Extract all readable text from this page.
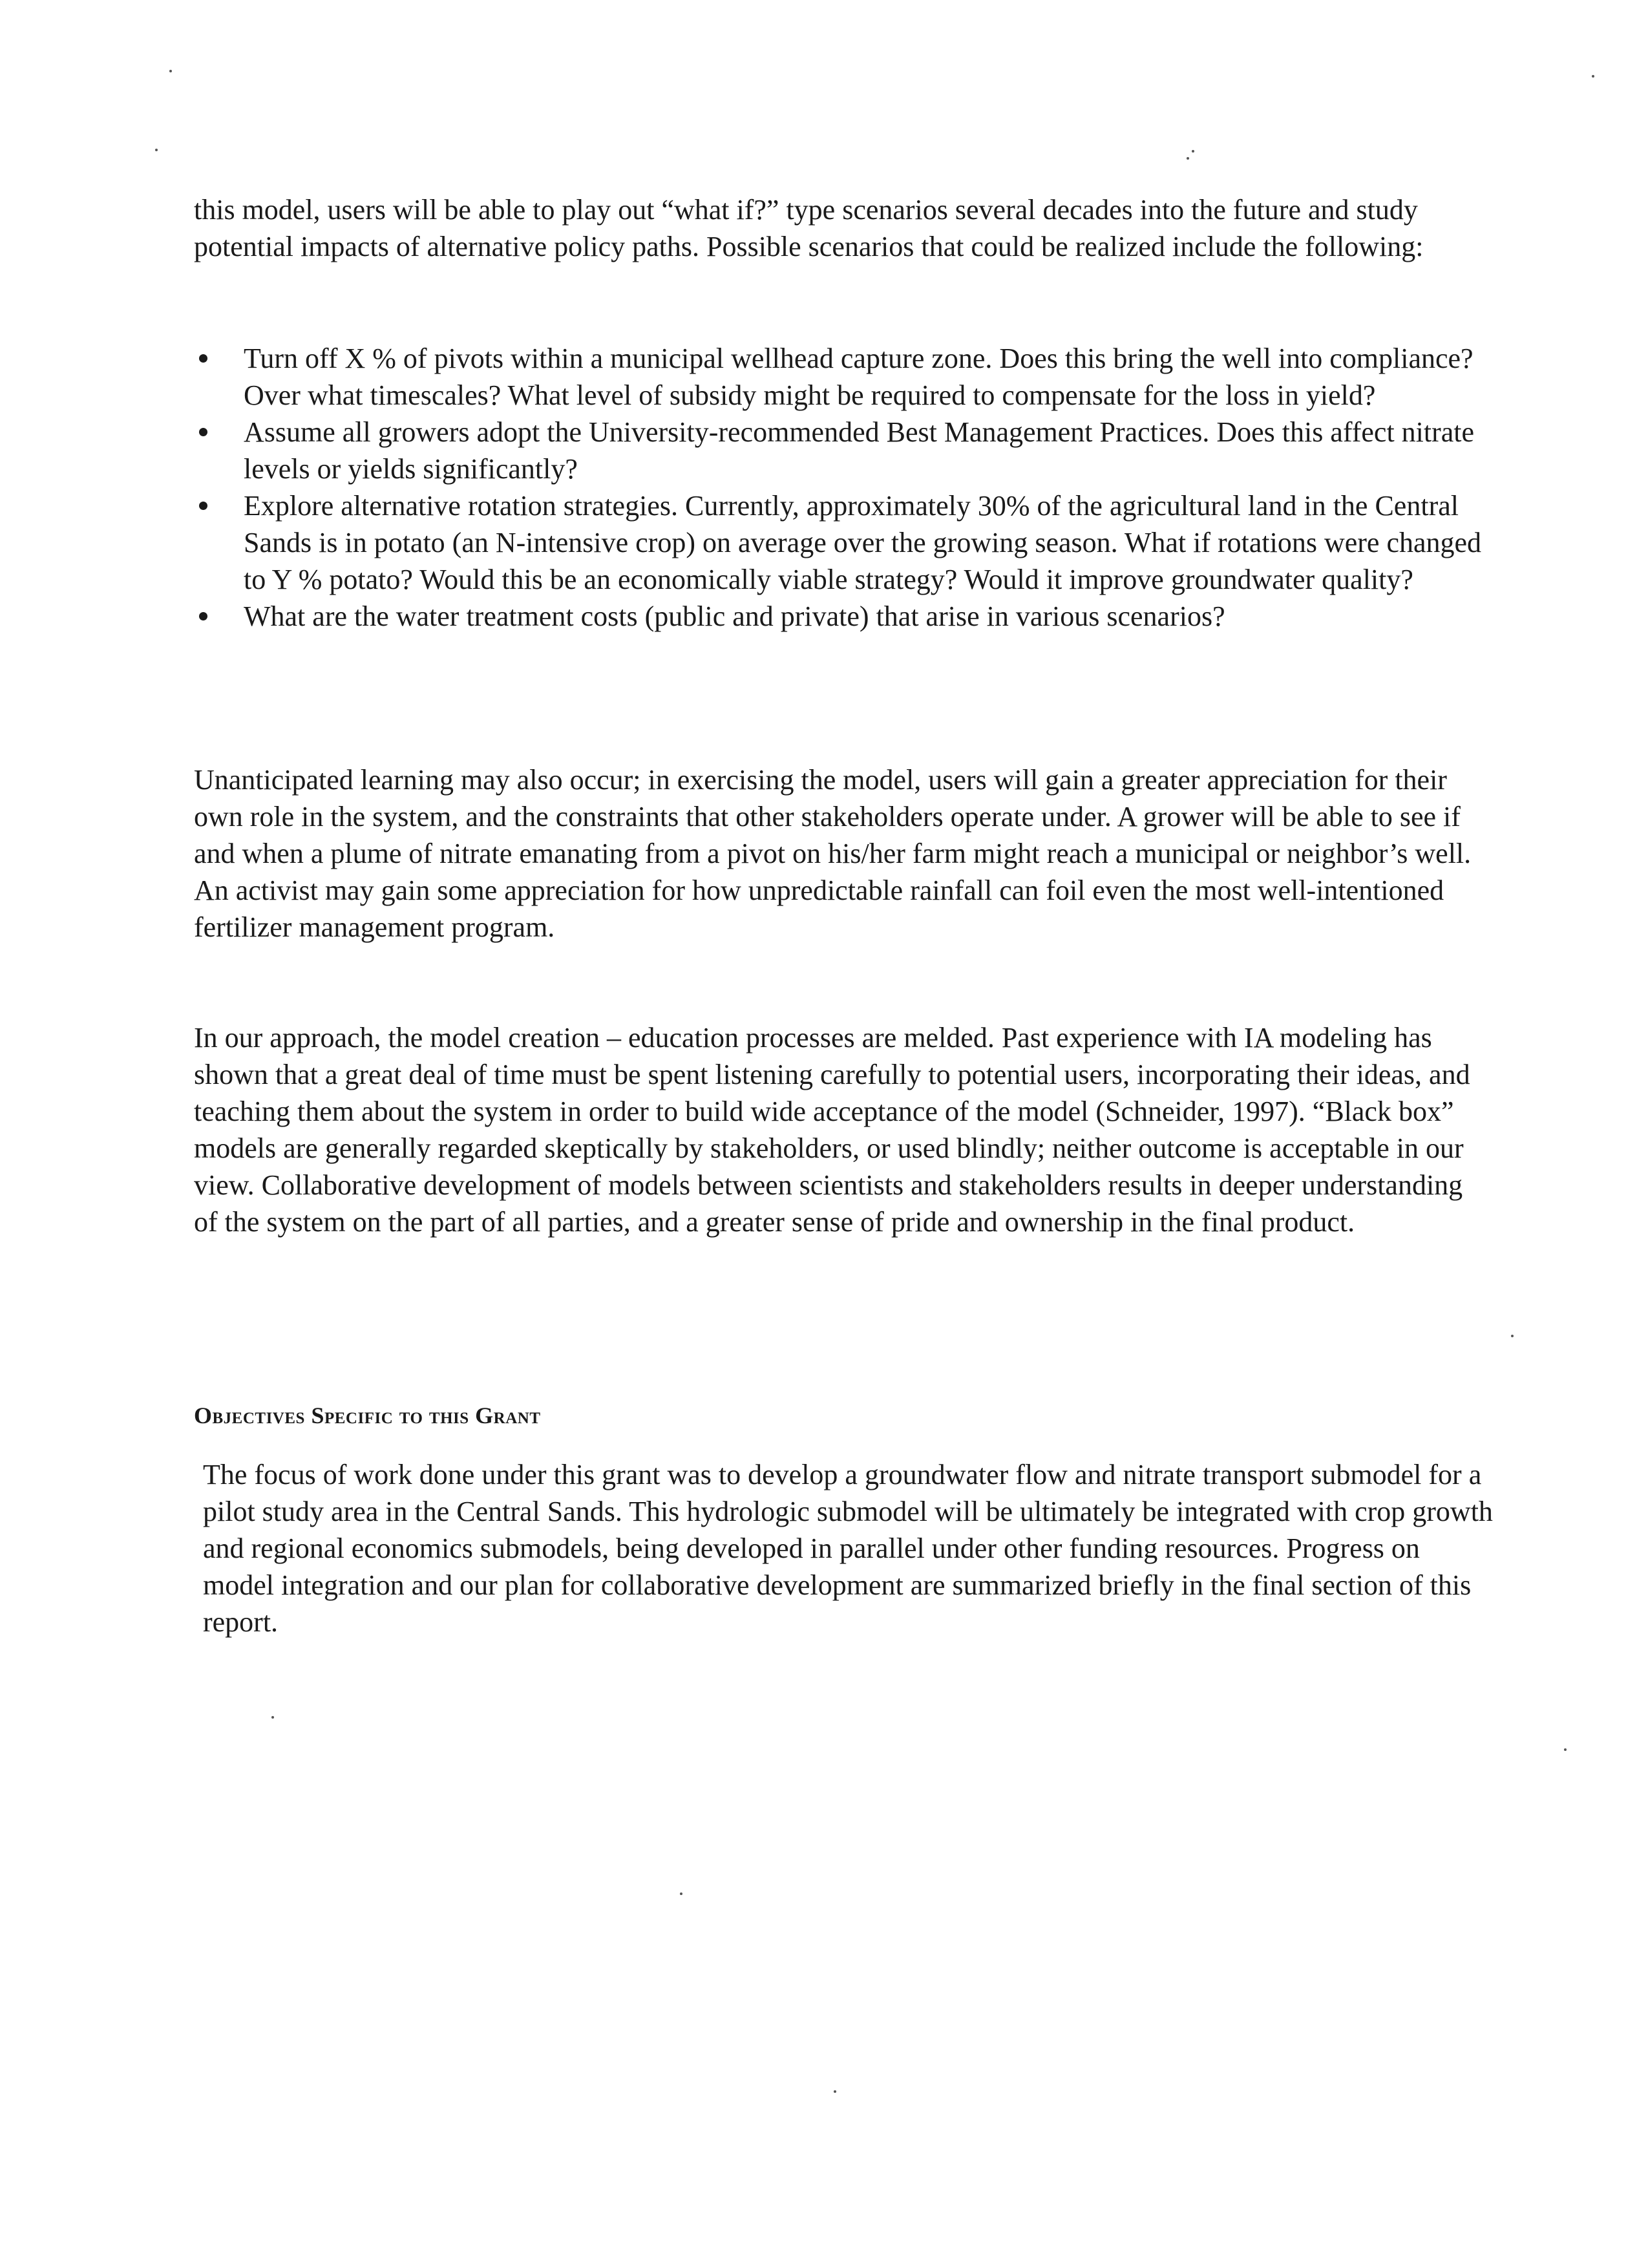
this model, users will be able to play out “what if?” type scenarios several decades into the future and study potential impacts of alternative policy paths. Possible scenarios that could be realized include the following:

Turn off X % of pivots within a municipal wellhead capture zone. Does this bring the well into compliance? Over what timescales? What level of subsidy might be required to compensate for the loss in yield?
Assume all growers adopt the University-recommended Best Management Practices. Does this affect nitrate levels or yields significantly?
Explore alternative rotation strategies. Currently, approximately 30% of the agricultural land in the Central Sands is in potato (an N-intensive crop) on average over the growing season. What if rotations were changed to Y % potato? Would this be an economically viable strategy? Would it improve groundwater quality?
What are the water treatment costs (public and private) that arise in various scenarios?

Unanticipated learning may also occur; in exercising the model, users will gain a greater appreciation for their own role in the system, and the constraints that other stakeholders operate under. A grower will be able to see if and when a plume of nitrate emanating from a pivot on his/her farm might reach a municipal or neighbor’s well. An activist may gain some appreciation for how unpredictable rainfall can foil even the most well-intentioned fertilizer management program.

In our approach, the model creation – education processes are melded. Past experience with IA modeling has shown that a great deal of time must be spent listening carefully to potential users, incorporating their ideas, and teaching them about the system in order to build wide acceptance of the model (Schneider, 1997). “Black box” models are generally regarded skeptically by stakeholders, or used blindly; neither outcome is acceptable in our view. Collaborative development of models between scientists and stakeholders results in deeper understanding of the system on the part of all parties, and a greater sense of pride and ownership in the final product.

Objectives Specific to this Grant

The focus of work done under this grant was to develop a groundwater flow and nitrate transport submodel for a pilot study area in the Central Sands. This hydrologic submodel will be ultimately be integrated with crop growth and regional economics submodels, being developed in parallel under other funding resources. Progress on model integration and our plan for collaborative development are summarized briefly in the final section of this report.
